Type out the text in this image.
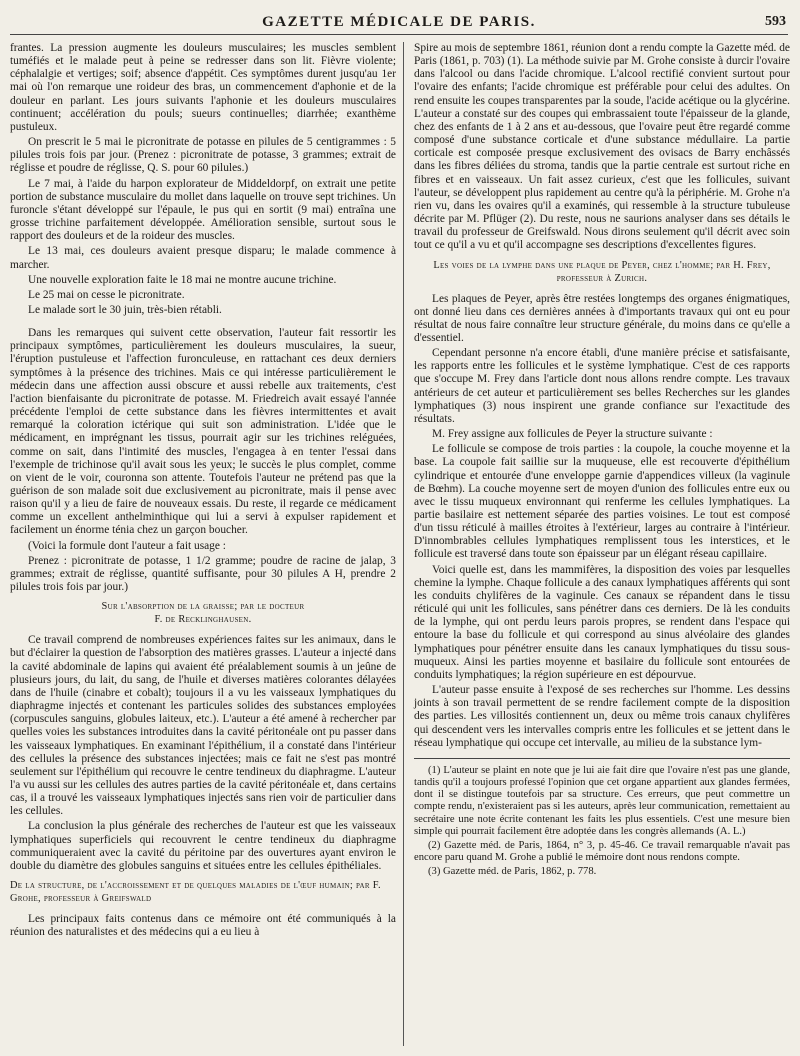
GAZETTE MÉDICALE DE PARIS.	593

frantes. La pression augmente les douleurs musculaires; les muscles semblent tuméfiés et le malade peut à peine se redresser dans son lit. Fièvre violente; céphalalgie et vertiges; soif; absence d'appétit. Ces symptômes durent jusqu'au 1er mai où l'on remarque une roideur des bras, un commencement d'aphonie et de la douleur en parlant. Les jours suivants l'aphonie et les douleurs musculaires continuent; accélération du pouls; sueurs continuelles; diarrhée; exanthème pustuleux.

On prescrit le 5 mai le picronitrate de potasse en pilules de 5 centigrammes : 5 pilules trois fois par jour. (Prenez : picronitrate de potasse, 3 grammes; extrait de réglisse et poudre de réglisse, Q. S. pour 60 pilules.)

Le 7 mai, à l'aide du harpon explorateur de Middeldorpf, on extrait une petite portion de substance musculaire du mollet dans laquelle on trouve sept trichines. Un furoncle s'étant développé sur l'épaule, le pus qui en sortit (9 mai) entraîna une grosse trichine parfaitement développée. Amélioration sensible, surtout sous le rapport des douleurs et de la roideur des muscles.

Le 13 mai, ces douleurs avaient presque disparu; le malade commence à marcher.

Une nouvelle exploration faite le 18 mai ne montre aucune trichine.

Le 25 mai on cesse le picronitrate.

Le malade sort le 30 juin, très-bien rétabli.

Dans les remarques qui suivent cette observation, l'auteur fait ressortir les principaux symptômes, particulièrement les douleurs musculaires, la sueur, l'éruption pustuleuse et l'affection furonculeuse, en rattachant ces deux derniers symptômes à la présence des trichines. Mais ce qui intéresse particulièrement le médecin dans une affection aussi obscure et aussi rebelle aux traitements, c'est l'action bienfaisante du picronitrate de potasse. M. Friedreich avait essayé l'année précédente l'emploi de cette substance dans les fièvres intermittentes et avait remarqué la coloration ictérique qui suit son administration. L'idée que le médicament, en imprégnant les tissus, pourrait agir sur les trichines reléguées, comme on sait, dans l'intimité des muscles, l'engagea à en tenter l'essai dans l'exemple de trichinose qu'il avait sous les yeux; le succès le plus complet, comme on vient de le voir, couronna son attente. Toutefois l'auteur ne prétend pas que la guérison de son malade soit due exclusivement au picronitrate, mais il pense avec raison qu'il y a lieu de faire de nouveaux essais. Du reste, il regarde ce médicament comme un excellent anthelminthique qui lui a servi à expulser rapidement et facilement un énorme ténia chez un garçon boucher.

(Voici la formule dont l'auteur a fait usage :

Prenez : picronitrate de potasse, 1 1/2 gramme; poudre de racine de jalap, 3 grammes; extrait de réglisse, quantité suffisante, pour 30 pilules A H, prendre 2 pilules trois fois par jour.)

Sur l'absorption de la graisse; par le docteur
F. de Recklinghausen.

Ce travail comprend de nombreuses expériences faites sur les animaux, dans le but d'éclairer la question de l'absorption des matières grasses. L'auteur a injecté dans la cavité abdominale de lapins qui avaient été préalablement soumis à un jeûne de plusieurs jours, du lait, du sang, de l'huile et diverses matières colorantes délayées dans de l'huile (cinabre et cobalt); toujours il a vu les vaisseaux lymphatiques du diaphragme injectés et contenant les particules solides des substances employées (corpuscules sanguins, globules laiteux, etc.). L'auteur a été amené à rechercher par quelles voies les substances introduites dans la cavité péritonéale ont pu passer dans les vaisseaux lymphatiques. En examinant l'épithélium, il a constaté dans l'intérieur des cellules la présence des substances injectées; mais ce fait ne s'est pas montré seulement sur l'épithélium qui recouvre le centre tendineux du diaphragme. L'auteur l'a vu aussi sur les cellules des autres parties de la cavité péritonéale et, dans certains cas, il a trouvé les vaisseaux lymphatiques injectés sans rien voir de particulier dans les cellules.

La conclusion la plus générale des recherches de l'auteur est que les vaisseaux lymphatiques superficiels qui recouvrent le centre tendineux du diaphragme communiqueraient avec la cavité du péritoine par des ouvertures ayant environ le double du diamètre des globules sanguins et situées entre les cellules épithéliales.

De la structure, de l'accroissement et de quelques maladies de l'œuf humain; par F. Grohe, professeur à Greifswald

Les principaux faits contenus dans ce mémoire ont été communiqués à la réunion des naturalistes et des médecins qui a eu lieu à

Spire au mois de septembre 1861, réunion dont a rendu compte la Gazette méd. de Paris (1861, p. 703) (1). La méthode suivie par M. Grohe consiste à durcir l'ovaire dans l'alcool ou dans l'acide chromique. L'alcool rectifié convient surtout pour l'ovaire des enfants; l'acide chromique est préférable pour celui des adultes. On rend ensuite les coupes transparentes par la soude, l'acide acétique ou la glycérine. L'auteur a constaté sur des coupes qui embrassaient toute l'épaisseur de la glande, chez des enfants de 1 à 2 ans et au-dessous, que l'ovaire peut être regardé comme composé d'une substance corticale et d'une substance médullaire. La partie corticale est composée presque exclusivement des ovisacs de Barry enchâssés dans les fibres déliées du stroma, tandis que la partie centrale est surtout riche en fibres et en vaisseaux. Un fait assez curieux, c'est que les follicules, suivant l'auteur, se développent plus rapidement au centre qu'à la périphérie. M. Grohe n'a rien vu, dans les ovaires qu'il a examinés, qui ressemble à la structure tubuleuse décrite par M. Pflüger (2). Du reste, nous ne saurions analyser dans ses détails le travail du professeur de Greifswald. Nous dirons seulement qu'il décrit avec soin tout ce qu'il a vu et qu'il accompagne ses descriptions d'excellentes figures.

Les voies de la lymphe dans une plaque de Peyer, chez l'homme; par H. Frey, professeur à Zurich.

Les plaques de Peyer, après être restées longtemps des organes énigmatiques, ont donné lieu dans ces dernières années à d'importants travaux qui ont eu pour résultat de nous faire connaître leur structure générale, du moins dans ce qu'elle a d'essentiel.

Cependant personne n'a encore établi, d'une manière précise et satisfaisante, les rapports entre les follicules et le système lymphatique. C'est de ces rapports que s'occupe M. Frey dans l'article dont nous allons rendre compte. Les travaux antérieurs de cet auteur et particulièrement ses belles Recherches sur les glandes lymphatiques (3) nous inspirent une grande confiance sur l'exactitude des résultats.

M. Frey assigne aux follicules de Peyer la structure suivante :

Le follicule se compose de trois parties : la coupole, la couche moyenne et la base. La coupole fait saillie sur la muqueuse, elle est recouverte d'épithélium cylindrique et entourée d'une enveloppe garnie d'appendices villeux (la vaginule de Bœhm). La couche moyenne sert de moyen d'union des follicules entre eux ou avec le tissu muqueux environnant qui renferme les cellules lymphatiques. La partie basilaire est nettement séparée des parties voisines. Le tout est composé d'un tissu réticulé à mailles étroites à l'extérieur, larges au contraire à l'intérieur. D'innombrables cellules lymphatiques remplissent tous les interstices, et le follicule est traversé dans toute son épaisseur par un élégant réseau capillaire.

Voici quelle est, dans les mammifères, la disposition des voies par lesquelles chemine la lymphe. Chaque follicule a des canaux lymphatiques afférents qui sont les conduits chylifères de la vaginule. Ces canaux se répandent dans le tissu réticulé qui unit les follicules, sans pénétrer dans ces derniers. De là les conduits de la lymphe, qui ont perdu leurs parois propres, se rendent dans l'espace qui entoure la base du follicule et qui correspond au sinus alvéolaire des glandes lymphatiques pour pénétrer ensuite dans les canaux lymphatiques du tissu sous-muqueux. Ainsi les parties moyenne et basilaire du follicule sont entourées de conduits lymphatiques; la région supérieure en est dépourvue.

L'auteur passe ensuite à l'exposé de ses recherches sur l'homme. Les dessins joints à son travail permettent de se rendre facilement compte de la disposition des parties. Les villosités contiennent un, deux ou même trois canaux chylifères qui descendent vers les intervalles compris entre les follicules et se jettent dans le réseau lymphatique qui occupe cet intervalle, au milieu de la substance lym-

(1) L'auteur se plaint en note que je lui aie fait dire que l'ovaire n'est pas une glande, tandis qu'il a toujours professé l'opinion que cet organe appartient aux glandes fermées, dont il se distingue toutefois par sa structure. Ces erreurs, que peut commettre un compte rendu, n'existeraient pas si les auteurs, après leur communication, remettaient au secrétaire une note écrite contenant les faits les plus essentiels. C'est une mesure bien simple qui pourrait facilement être adoptée dans les congrès allemands (A. L.)

(2) Gazette méd. de Paris, 1864, n° 3, p. 45-46. Ce travail remarquable n'avait pas encore paru quand M. Grohe a publié le mémoire dont nous rendons compte.

(3) Gazette méd. de Paris, 1862, p. 778.
